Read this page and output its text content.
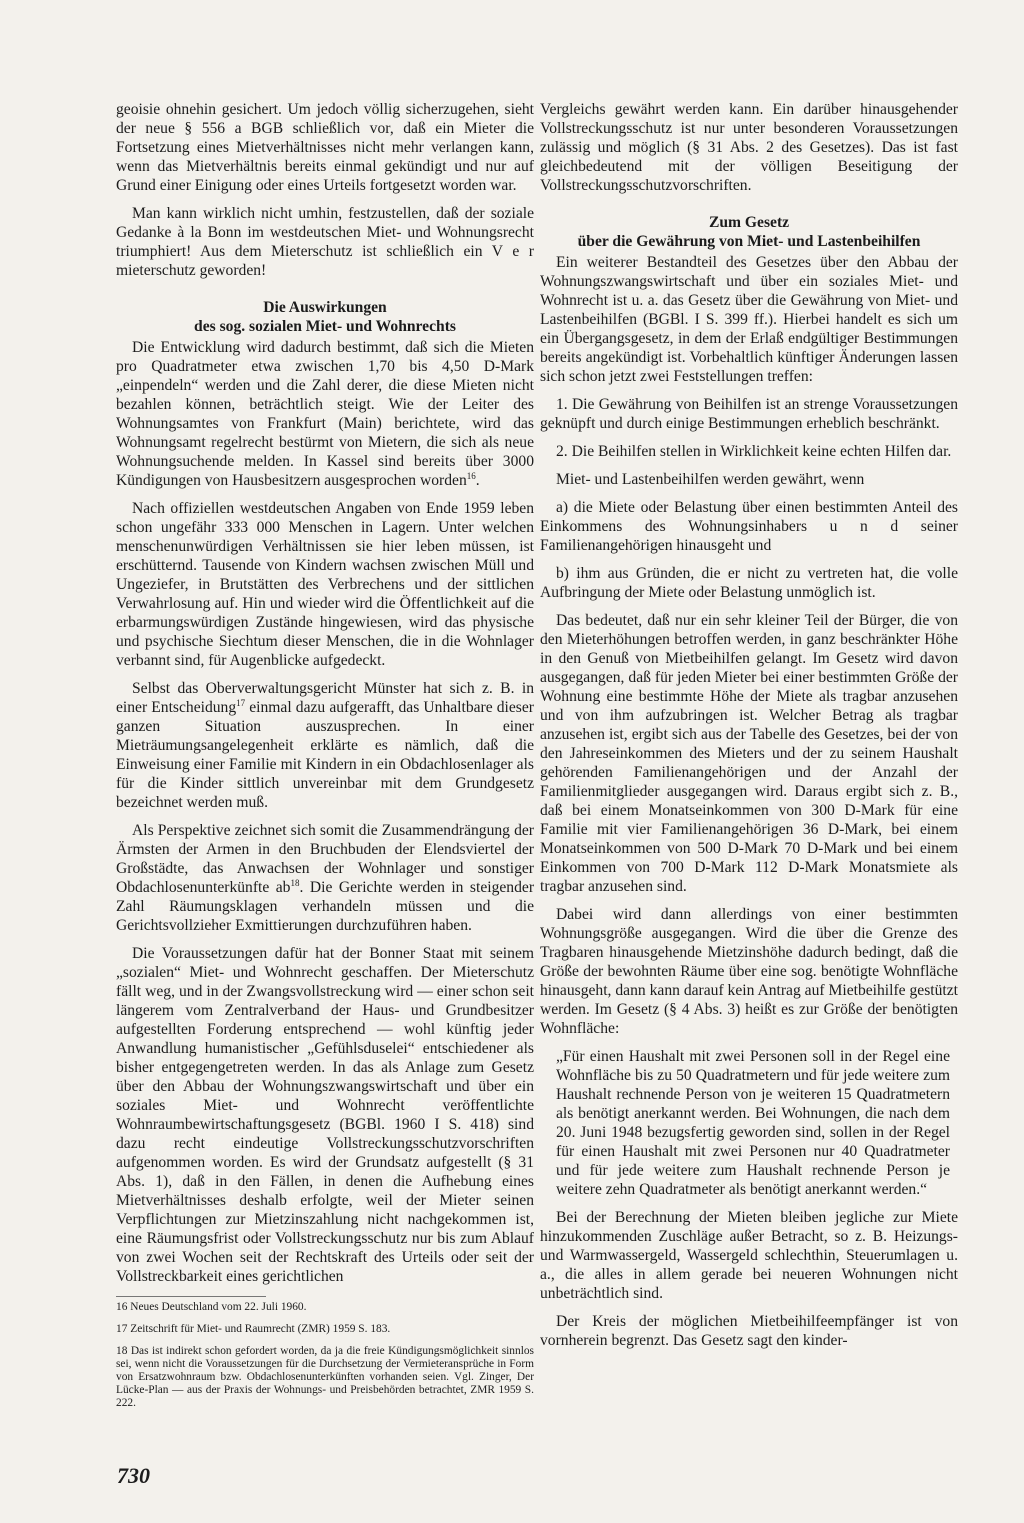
geoisie ohnehin gesichert. Um jedoch völlig sicherzugehen, sieht der neue § 556 a BGB schließlich vor, daß ein Mieter die Fortsetzung eines Mietverhältnisses nicht mehr verlangen kann, wenn das Mietverhältnis bereits einmal gekündigt und nur auf Grund einer Einigung oder eines Urteils fortgesetzt worden war.

Man kann wirklich nicht umhin, festzustellen, daß der soziale Gedanke à la Bonn im westdeutschen Miet- und Wohnungsrecht triumphiert! Aus dem Mieterschutz ist schließlich ein V e r mieterschutz geworden!

Die Auswirkungen
des sog. sozialen Miet- und Wohnrechts

Die Entwicklung wird dadurch bestimmt, daß sich die Mieten pro Quadratmeter etwa zwischen 1,70 bis 4,50 D-Mark „einpendeln“ werden und die Zahl derer, die diese Mieten nicht bezahlen können, beträchtlich steigt. Wie der Leiter des Wohnungsamtes von Frankfurt (Main) berichtete, wird das Wohnungsamt regelrecht bestürmt von Mietern, die sich als neue Wohnungsuchende melden. In Kassel sind bereits über 3000 Kündigungen von Hausbesitzern ausgesprochen worden$^{16}$.

Nach offiziellen westdeutschen Angaben von Ende 1959 leben schon ungefähr 333 000 Menschen in Lagern. Unter welchen menschenunwürdigen Verhältnissen sie hier leben müssen, ist erschütternd. Tausende von Kindern wachsen zwischen Müll und Ungeziefer, in Brutstätten des Verbrechens und der sittlichen Verwahrlosung auf. Hin und wieder wird die Öffentlichkeit auf die erbarmungswürdigen Zustände hingewiesen, wird das physische und psychische Siechtum dieser Menschen, die in die Wohnlager verbannt sind, für Augenblicke aufgedeckt.

Selbst das Oberverwaltungsgericht Münster hat sich z. B. in einer Entscheidung$^{17}$ einmal dazu aufgerafft, das Unhaltbare dieser ganzen Situation auszusprechen. In einer Mieträumungsangelegenheit erklärte es nämlich, daß die Einweisung einer Familie mit Kindern in ein Obdachlosenlager als für die Kinder sittlich unvereinbar mit dem Grundgesetz bezeichnet werden muß.

Als Perspektive zeichnet sich somit die Zusammendrängung der Ärmsten der Armen in den Bruchbuden der Elendsviertel der Großstädte, das Anwachsen der Wohnlager und sonstiger Obdachlosenunterkünfte $ab^{18}$. Die Gerichte werden in steigender Zahl Räumungsklagen verhandeln müssen und die Gerichtsvollzieher Exmittierungen durchzuführen haben.

Die Voraussetzungen dafür hat der Bonner Staat mit seinem „sozialen“ Miet- und Wohnrecht geschaffen. Der Mieterschutz fällt weg, und in der Zwangsvollstreckung wird — einer schon seit längerem vom Zentralverband der Haus- und Grundbesitzer aufgestellten Forderung entsprechend — wohl künftig jeder Anwandlung humanistischer „Gefühlsduselei“ entschiedener als bisher entgegengetreten werden. In das als Anlage zum Gesetz über den Abbau der Wohnungszwangswirtschaft und über ein soziales Miet- und Wohnrecht veröffentlichte Wohnraumbewirtschaftungsgesetz (BGBl. 1960 I S. 418) sind dazu recht eindeutige Vollstreckungsschutzvorschriften aufgenommen worden. Es wird der Grundsatz aufgestellt (§ 31 Abs. 1), daß in den Fällen, in denen die Aufhebung eines Mietverhältnisses deshalb erfolgte, weil der Mieter seinen Verpflichtungen zur Mietzinszahlung nicht nachgekommen ist, eine Räumungsfrist oder Vollstreckungsschutz nur bis zum Ablauf von zwei Wochen seit der Rechtskraft des Urteils oder seit der Vollstreckbarkeit eines gerichtlichen

16 Neues Deutschland vom 22. Juli 1960.

17 Zeitschrift für Miet- und Raumrecht (ZMR) 1959 S. 183.

18 Das ist indirekt schon gefordert worden, da ja die freie Kündigungsmöglichkeit sinnlos sei, wenn nicht die Voraussetzungen für die Durchsetzung der Vermieteransprüche in Form von Ersatzwohnraum bzw. Obdachlosenunterkünften vorhanden seien. Vgl. Zinger, Der Lücke-Plan — aus der Praxis der Wohnungs- und Preisbehörden betrachtet, ZMR 1959 S. 222.

Vergleichs gewährt werden kann. Ein darüber hinausgehender Vollstreckungsschutz ist nur unter besonderen Voraussetzungen zulässig und möglich (§ 31 Abs. 2 des Gesetzes). Das ist fast gleichbedeutend mit der völligen Beseitigung der Vollstreckungsschutzvorschriften.

Zum Gesetz
über die Gewährung von Miet- und Lastenbeihilfen

Ein weiterer Bestandteil des Gesetzes über den Abbau der Wohnungszwangswirtschaft und über ein soziales Miet- und Wohnrecht ist u. a. das Gesetz über die Gewährung von Miet- und Lastenbeihilfen (BGBl. I S. 399 ff.). Hierbei handelt es sich um ein Übergangsgesetz, in dem der Erlaß endgültiger Bestimmungen bereits angekündigt ist. Vorbehaltlich künftiger Änderungen lassen sich schon jetzt zwei Feststellungen treffen:

1. Die Gewährung von Beihilfen ist an strenge Voraussetzungen geknüpft und durch einige Bestimmungen erheblich beschränkt.

2. Die Beihilfen stellen in Wirklichkeit keine echten Hilfen dar.

Miet- und Lastenbeihilfen werden gewährt, wenn

a) die Miete oder Belastung über einen bestimmten Anteil des Einkommens des Wohnungsinhabers u n d seiner Familienangehörigen hinausgeht und

b) ihm aus Gründen, die er nicht zu vertreten hat, die volle Aufbringung der Miete oder Belastung unmöglich ist.

Das bedeutet, daß nur ein sehr kleiner Teil der Bürger, die von den Mieterhöhungen betroffen werden, in ganz beschränkter Höhe in den Genuß von Mietbeihilfen gelangt. Im Gesetz wird davon ausgegangen, daß für jeden Mieter bei einer bestimmten Größe der Wohnung eine bestimmte Höhe der Miete als tragbar anzusehen und von ihm aufzubringen ist. Welcher Betrag als tragbar anzusehen ist, ergibt sich aus der Tabelle des Gesetzes, bei der von den Jahreseinkommen des Mieters und der zu seinem Haushalt gehörenden Familienangehörigen und der Anzahl der Familienmitglieder ausgegangen wird. Daraus ergibt sich z. B., daß bei einem Monatseinkommen von 300 D-Mark für eine Familie mit vier Familienangehörigen 36 D-Mark, bei einem Monatseinkommen von 500 D-Mark 70 D-Mark und bei einem Einkommen von 700 D-Mark 112 D-Mark Monatsmiete als tragbar anzusehen sind.

Dabei wird dann allerdings von einer bestimmten Wohnungsgröße ausgegangen. Wird die über die Grenze des Tragbaren hinausgehende Mietzinshöhe dadurch bedingt, daß die Größe der bewohnten Räume über eine sog. benötigte Wohnfläche hinausgeht, dann kann darauf kein Antrag auf Mietbeihilfe gestützt werden. Im Gesetz (§ 4 Abs. 3) heißt es zur Größe der benötigten Wohnfläche:

„Für einen Haushalt mit zwei Personen soll in der Regel eine Wohnfläche bis zu 50 Quadratmetern und für jede weitere zum Haushalt rechnende Person von je weiteren 15 Quadratmetern als benötigt anerkannt werden. Bei Wohnungen, die nach dem 20. Juni 1948 bezugsfertig geworden sind, sollen in der Regel für einen Haushalt mit zwei Personen nur 40 Quadratmeter und für jede weitere zum Haushalt rechnende Person je weitere zehn Quadratmeter als benötigt anerkannt werden.“

Bei der Berechnung der Mieten bleiben jegliche zur Miete hinzukommenden Zuschläge außer Betracht, so z. B. Heizungs- und Warmwassergeld, Wassergeld schlechthin, Steuerumlagen u. a., die alles in allem gerade bei neueren Wohnungen nicht unbeträchtlich sind.

Der Kreis der möglichen Mietbeihilfeempfänger ist von vornherein begrenzt. Das Gesetz sagt den kinder-

730
